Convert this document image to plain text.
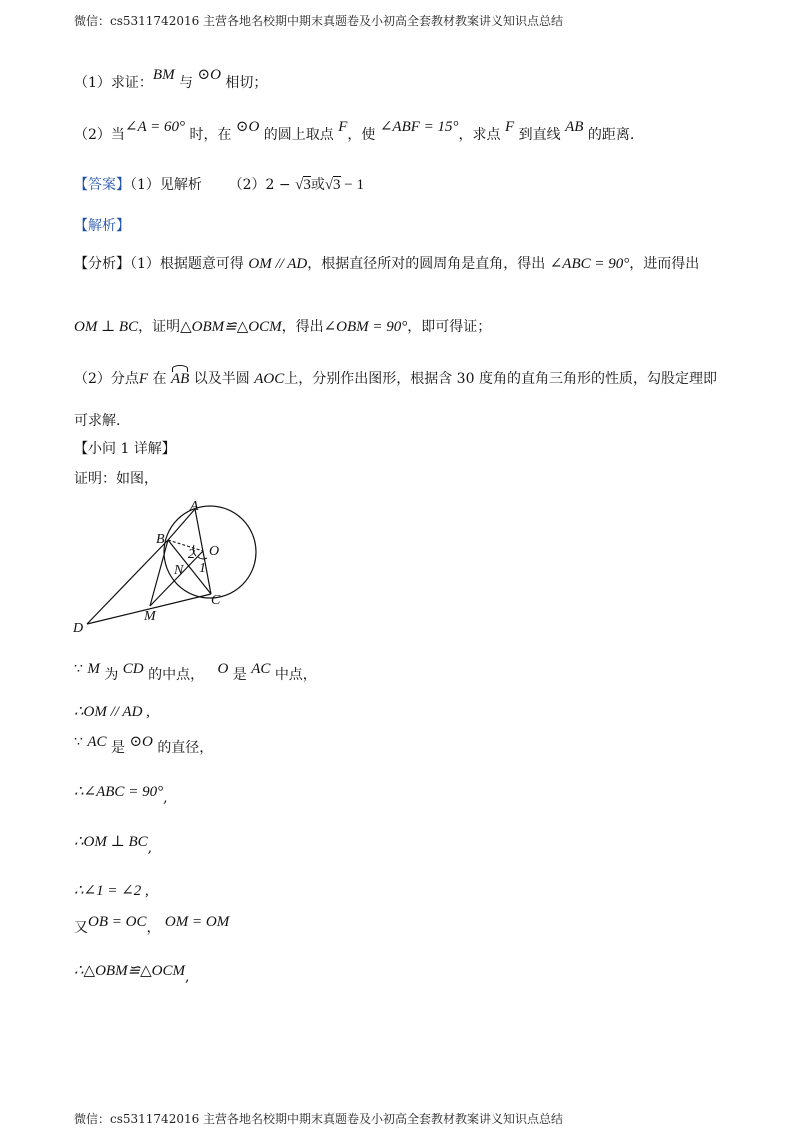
微信：cs5311742016 主营各地名校期中期末真题卷及小初高全套教材教案讲义知识点总结
（1）求证：BM 与 ⊙O 相切；
（2）当∠A = 60° 时，在 ⊙O 的圆上取点 F，使 ∠ABF = 15°，求点 F 到直线 AB 的距离.
【答案】（1）见解析 （2）2 − √3或√3 − 1
【解析】
【分析】（1）根据题意可得 OM // AD，根据直径所对的圆周角是直角，得出 ∠ABC = 90°，进而得出
OM ⊥ BC，证明△OBM≌△OCM，得出∠OBM = 90°，即可得证；
（2）分点F 在 AB 以及半圆 AOC上，分别作出图形，根据含 30 度角的直角三角形的性质，勾股定理即
可求解.
【小问 1 详解】
证明：如图，
A
B
O
N
2
1
C
M
D
∵ M 为 CD 的中点， O 是 AC 中点，
∴OM // AD ,
∵ AC 是 ⊙O 的直径，
∴∠ABC = 90°,
∴OM ⊥ BC,
∴∠1 = ∠2 ,
又OB = OC， OM = OM
∴△OBM≌△OCM,
微信：cs5311742016 主营各地名校期中期末真题卷及小初高全套教材教案讲义知识点总结
